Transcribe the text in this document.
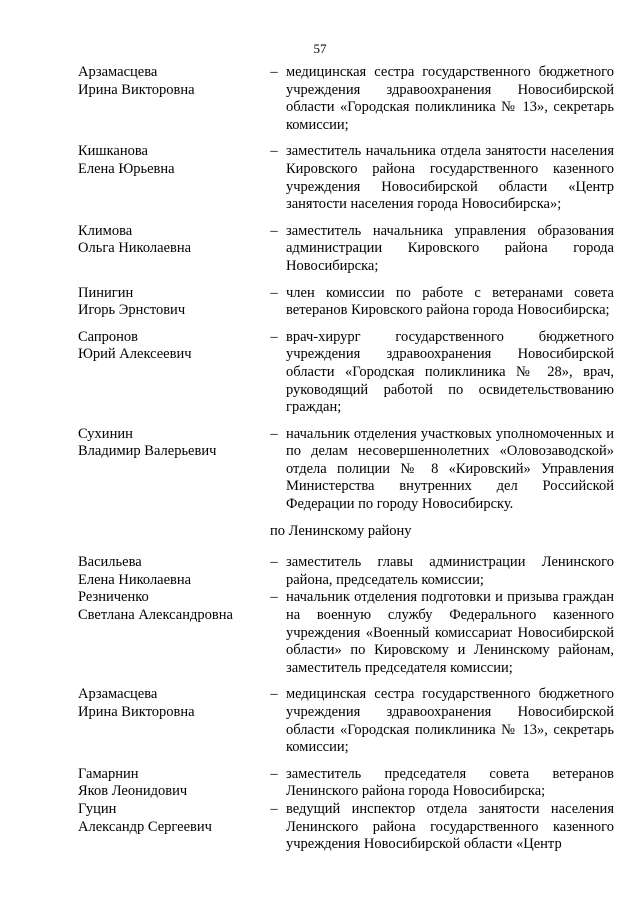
57
Арзамасцева
Ирина Викторовна
– медицинская сестра государственного бюджетного учреждения здравоохранения Новосибирской области «Городская поликлиника № 13», секретарь комиссии;
Кишканова
Елена Юрьевна
– заместитель начальника отдела занятости населения Кировского района государственного казенного учреждения Новосибирской области «Центр занятости населения города Новосибирска»;
Климова
Ольга Николаевна
– заместитель начальника управления образования администрации Кировского района города Новосибирска;
Пинигин
Игорь Эрнстович
– член комиссии по работе с ветеранами совета ветеранов Кировского района города Новосибирска;
Сапронов
Юрий Алексеевич
– врач-хирург государственного бюджетного учреждения здравоохранения Новосибирской области «Городская поликлиника № 28», врач, руководящий работой по освидетельствованию граждан;
Сухинин
Владимир Валерьевич
– начальник отделения участковых уполномоченных и по делам несовершеннолетних «Оловозаводской» отдела полиции № 8 «Кировский» Управления Министерства внутренних дел Российской Федерации по городу Новосибирску.
по Ленинскому району
Васильева
Елена Николаевна
– заместитель главы администрации Ленинского района, председатель комиссии;
Резниченко
Светлана Александровна
– начальник отделения подготовки и призыва граждан на военную службу Федерального казенного учреждения «Военный комиссариат Новосибирской области» по Кировскому и Ленинскому районам, заместитель председателя комиссии;
Арзамасцева
Ирина Викторовна
– медицинская сестра государственного бюджетного учреждения здравоохранения Новосибирской области «Городская поликлиника № 13», секретарь комиссии;
Гамарнин
Яков Леонидович
– заместитель председателя совета ветеранов Ленинского района города Новосибирска;
Гуцин
Александр Сергеевич
– ведущий инспектор отдела занятости населения Ленинского района государственного казенного учреждения Новосибирской области «Центр
